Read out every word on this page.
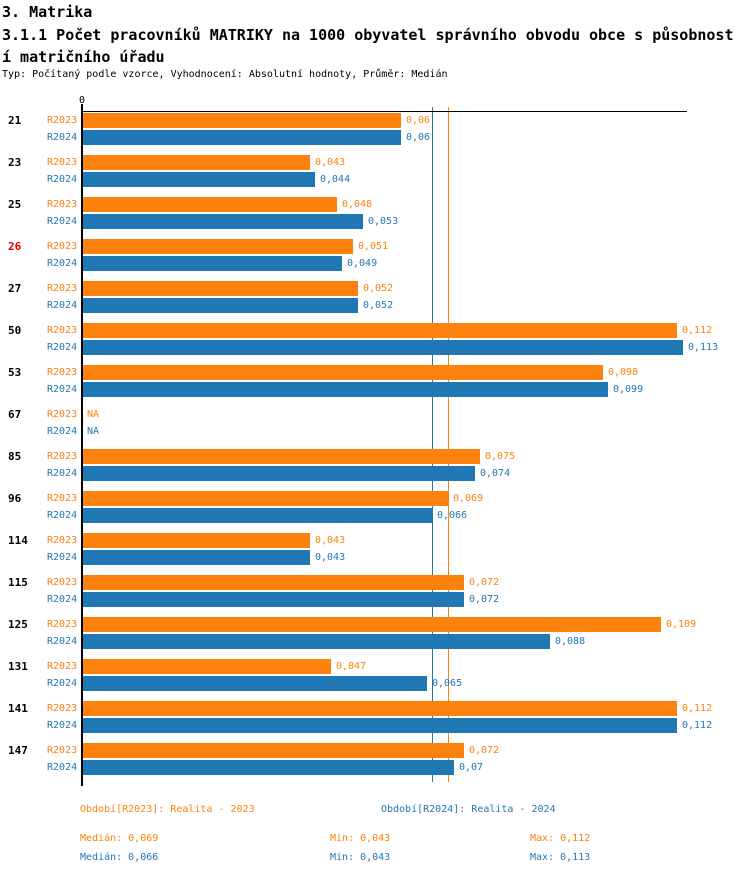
3. Matrika
3.1.1 Počet pracovníků MATRIKY na 1000 obyvatel správního obvodu obce s působnost
í matričního úřadu
Typ: Počítaný podle vzorce, Vyhodnocení: Absolutní hodnoty, Průměr: Medián
0
21	R2023	0,06
R2024	0,06
23	R2023	0,043
R2024	0,044
25	R2023	0,048
R2024	0,053
26	R2023	0,051
R2024	0,049
27	R2023	0,052
R2024	0,052
50	R2023	0,112
R2024	0,113
53	R2023	0,098
R2024	0,099
67	R2023 NA
R2024 NA
85	R2023	0,075
R2024	0,074
96	R2023	0,069
R2024	0,066
114 R2023	0,043
R2024	0,043
115 R2023	0,072
R2024	0,072
125 R2023	0,109
R2024	0,088
131 R2023	0,047
R2024	0,065
141 R2023	0,112
R2024	0,112
147 R2023	0,072
R2024	0,07
Období[R2023]: Realita - 2023	Období[R2024]: Realita - 2024
Medián: 0,069	Min: 0,043	Max: 0,112
Medián: 0,066	Min: 0,043	Max: 0,113
